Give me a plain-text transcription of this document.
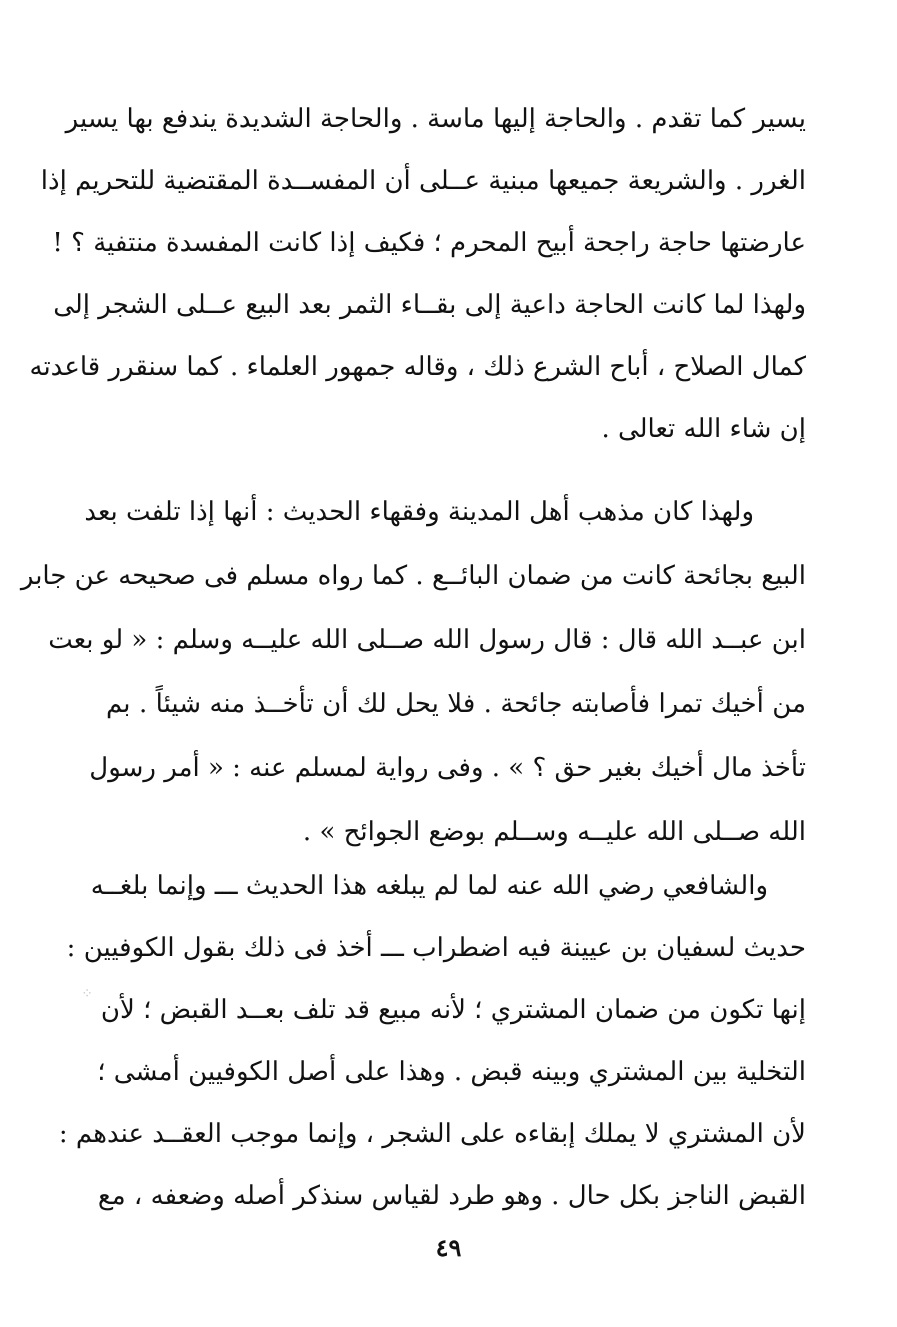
يسير كما تقدم . والحاجة إليها ماسة . والحاجة الشديدة يندفع بها يسير
الغرر . والشريعة جميعها مبنية عــلى أن المفســدة المقتضية للتحريم إذا
عارضتها حاجة راجحة أبيح المحرم ؛ فكيف إذا كانت المفسدة منتفية ؟ !
ولهذا لما كانت الحاجة داعية إلى بقــاء الثمر بعد البيع عــلى الشجر إلى
كمال الصلاح ، أباح الشرع ذلك ، وقاله جمهور العلماء . كما سنقرر قاعدته
إن شاء الله تعالى .
ولهذا كان مذهب أهل المدينة وفقهاء الحديث : أنها إذا تلفت بعد
البيع بجائحة كانت من ضمان البائــع . كما رواه مسلم فى صحيحه عن جابر
ابن عبــد الله قال : قال رسول الله صــلى الله عليــه وسلم : « لو بعت
من أخيك تمرا فأصابته جائحة . فلا يحل لك أن تأخــذ منه شيئاً . بم
تأخذ مال أخيك بغير حق ؟ » . وفى رواية لمسلم عنه : « أمر رسول
الله صــلى الله عليــه وســلم بوضع الجوائح » .
والشافعي رضي الله عنه لما لم يبلغه هذا الحديث ـــ وإنما بلغــه
حديث لسفيان بن عيينة فيه اضطراب ـــ أخذ فى ذلك بقول الكوفيين :
إنها تكون من ضمان المشتري ؛ لأنه مبيع قد تلف بعــد القبض ؛ لأن
التخلية بين المشتري وبينه قبض . وهذا على أصل الكوفيين أمشى ؛
لأن المشتري لا يملك إبقاءه على الشجر ، وإنما موجب العقــد عندهم :
القبض الناجز بكل حال . وهو طرد لقياس سنذكر أصله وضعفه ، مع
⁘
٤٩
